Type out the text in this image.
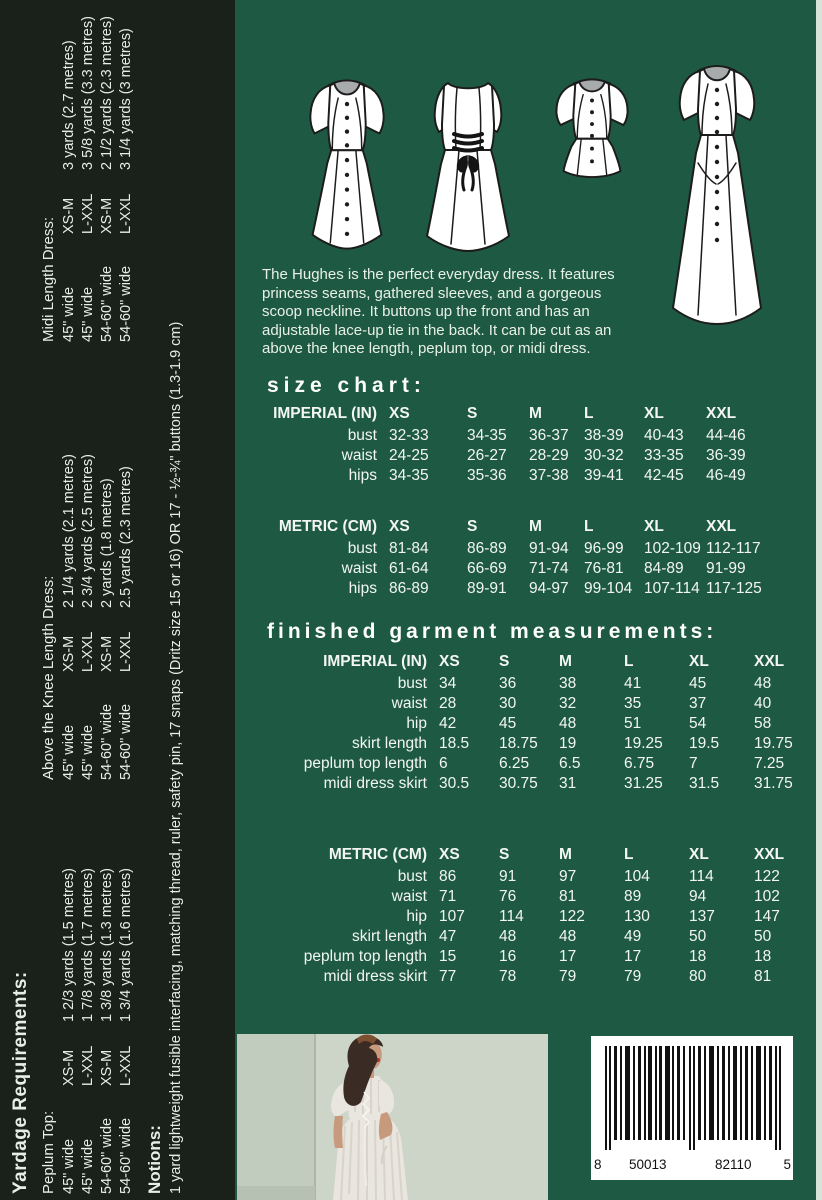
Yardage Requirements: Peplum Top: 45" wide	XS-M	1 2/3 yards (1.5 metres)
45" wide	L-XXL	1 7/8 yards (1.7 metres)
54-60" wide	XS-M	1 3/8 yards (1.3 metres)
54-60" wide	L-XXL	1 3/4 yards (1.6 metres)
Above the Knee Length Dress: 45" wide	XS-M	2 1/4 yards (2.1 metres)
45" wide	L-XXL	2 3/4 yards (2.5 metres)
54-60" wide	XS-M	2 yards (1.8 metres)
54-60" wide	L-XXL	2.5 yards (2.3 metres)
Midi Length Dress: 45" wide	XS-M	3 yards (2.7 metres)
45" wide	L-XXL	3 5/8 yards (3.3 metres)
54-60" wide	XS-M	2 1/2 yards (2.3 metres)
54-60" wide	L-XXL	3 1/4 yards (3 metres)
Notions: 1 yard lightweight fusible interfacing, matching thread, ruler, safety pin, 17 snaps (Dritz size 15 or 16) OR 17 - ½-¾" buttons (1.3-1.9 cm)
The Hughes is the perfect everyday dress. It features princess seams, gathered sleeves, and a gorgeous scoop neckline. It buttons up the front and has an adjustable lace-up tie in the back. It can be cut as an above the knee length, peplum top, or midi dress.
size chart:
IMPERIAL (IN)	XS	S	M	L	XL	XXL
bust	32-33	34-35	36-37	38-39	40-43	44-46
waist	24-25	26-27	28-29	30-32	33-35	36-39
hips	34-35	35-36	37-38	39-41	42-45	46-49
METRIC (CM)	XS	S	M	L	XL	XXL
bust	81-84	86-89	91-94	96-99	102-109	112-117
waist	61-64	66-69	71-74	76-81	84-89	91-99
hips	86-89	89-91	94-97	99-104	107-114	117-125
finished garment measurements:
IMPERIAL (IN)	XS	S	M	L	XL	XXL
bust	34	36	38	41	45	48
waist	28	30	32	35	37	40
hip	42	45	48	51	54	58
skirt length	18.5	18.75	19	19.25	19.5	19.75
peplum top length	6	6.25	6.5	6.75	7	7.25
midi dress skirt	30.5	30.75	31	31.25	31.5	31.75
METRIC (CM)	XS	S	M	L	XL	XXL
bust	86	91	97	104	114	122
waist	71	76	81	89	94	102
hip	107	114	122	130	137	147
skirt length	47	48	48	49	50	50
peplum top length	15	16	17	17	18	18
midi dress skirt	77	78	79	79	80	81
8 50013	82110 5
